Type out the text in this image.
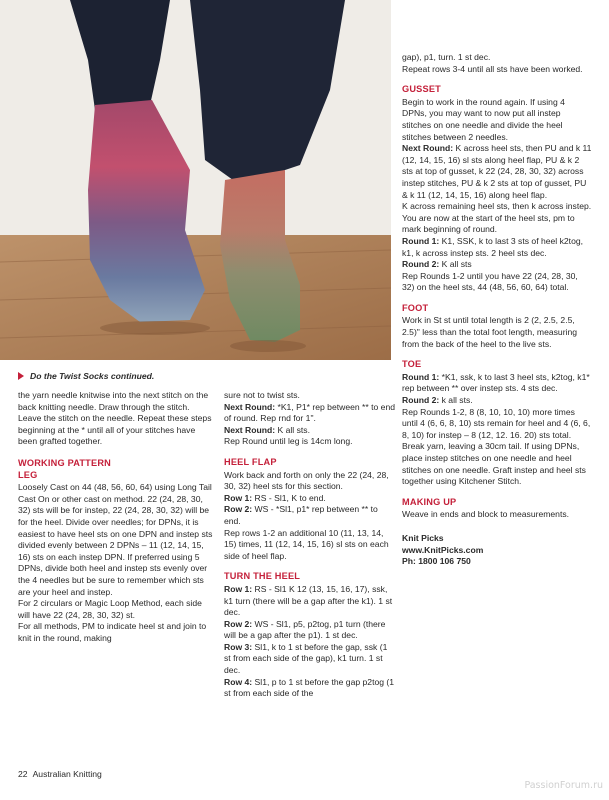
Do the Twist Socks continued.

the yarn needle knitwise into the next stitch on the back knitting needle. Draw through the stitch. Leave the stitch on the needle. Repeat these steps beginning at the * until all of your stitches have been grafted together.

WORKING PATTERN

LEG

Loosely Cast on 44 (48, 56, 60, 64) using Long Tail Cast On or other cast on method. 22 (24, 28, 30, 32) sts will be for instep, 22 (24, 28, 30, 32) will be for the heel. Divide over needles; for DPNs, it is easiest to have heel sts on one DPN and instep sts divided evenly between 2 DPNs – 11 (12, 14, 15, 16) sts on each instep DPN. If preferred using 5 DPNs, divide both heel and instep sts evenly over the 4 needles but be sure to remember which sts are your heel and instep.

For 2 circulars or Magic Loop Method, each side will have 22 (24, 28, 30, 32) st.

For all methods, PM to indicate heel st and join to knit in the round, making

sure not to twist sts.

Next Round: *K1, P1* rep between ** to end of round. Rep rnd for 1".

Next Round: K all sts.

Rep Round until leg is 14cm long.

HEEL FLAP

Work back and forth on only the 22 (24, 28, 30, 32) heel sts for this section.

Row 1: RS - Sl1, K to end.

Row 2: WS - *Sl1, p1* rep between ** to end.

Rep rows 1-2 an additional 10 (11, 13, 14, 15) times, 11 (12, 14, 15, 16) sl sts on each side of heel flap.

TURN THE HEEL

Row 1: RS - Sl1 K 12 (13, 15, 16, 17), ssk, k1 turn (there will be a gap after the k1). 1 st dec.

Row 2: WS - Sl1, p5, p2tog, p1 turn (there will be a gap after the p1). 1 st dec.

Row 3: Sl1, k to 1 st before the gap, ssk (1 st from each side of the gap), k1 turn. 1 st dec.

Row 4: Sl1, p to 1 st before the gap p2tog (1 st from each side of the

gap), p1, turn. 1 st dec.

Repeat rows 3-4 until all sts have been worked.

GUSSET

Begin to work in the round again. If using 4 DPNs, you may want to now put all instep stitches on one needle and divide the heel stitches between 2 needles.

Next Round: K across heel sts, then PU and k 11 (12, 14, 15, 16) sl sts along heel flap, PU & k 2 sts at top of gusset, k 22 (24, 28, 30, 32) across instep stitches, PU & k 2 sts at top of gusset, PU & k 11 (12, 14, 15, 16) along heel flap.

K across remaining heel sts, then k across instep. You are now at the start of the heel sts, pm to mark beginning of round.

Round 1: K1, SSK, k to last 3 sts of heel k2tog, k1, k across instep sts. 2 heel sts dec.

Round 2: K all sts

Rep Rounds 1-2 until you have 22 (24, 28, 30, 32) on the heel sts, 44 (48, 56, 60, 64) total.

FOOT

Work in St st until total length is 2 (2, 2.5, 2.5, 2.5)" less than the total foot length, measuring from the back of the heel to the live sts.

TOE

Round 1: *K1, ssk, k to last 3 heel sts, k2tog, k1* rep between ** over instep sts. 4 sts dec.

Round 2: k all sts.

Rep Rounds 1-2, 8 (8, 10, 10, 10) more times until 4 (6, 6, 8, 10) sts remain for heel and 4 (6, 6, 8, 10) for instep – 8 (12, 12. 16. 20) sts total. Break yarn, leaving a 30cm tail. If using DPNs, place instep stitches on one needle and heel stitches on one needle. Graft instep and heel sts together using Kitchener Stitch.

MAKING UP

Weave in ends and block to measurements.

Knit Picks

www.KnitPicks.com

Ph: 1800 106 750

22 Australian Knitting
PassionForum.ru
